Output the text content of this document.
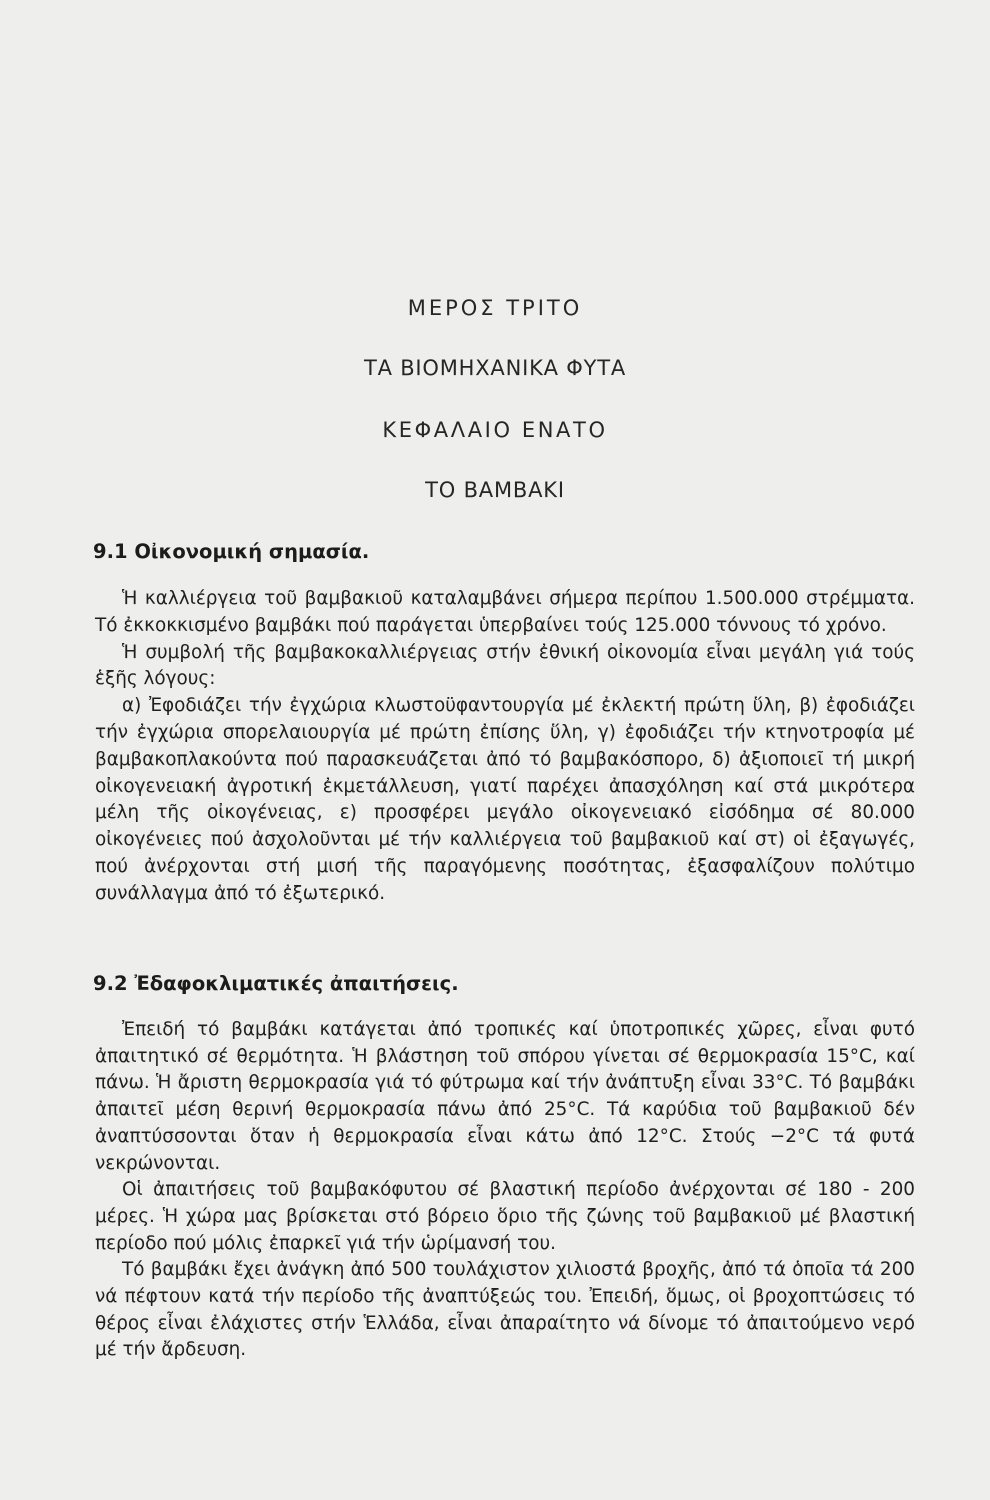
ΜΕΡΟΣ ΤΡΙΤΟ
ΤΑ ΒΙΟΜΗΧΑΝΙΚΑ ΦΥΤΑ
ΚΕΦΑΛΑΙΟ ΕΝΑΤΟ
ΤΟ ΒΑΜΒΑΚΙ
9.1 Οἰκονομική σημασία.

Ἡ καλλιέργεια τοῦ βαμβακιοῦ καταλαμβάνει σήμερα περίπου 1.500.000 στρέμματα. Τό ἐκκοκκισμένο βαμβάκι πού παράγεται ὑπερβαίνει τούς 125.000 τόννους τό χρόνο.

Ἡ συμβολή τῆς βαμβακοκαλλιέργειας στήν ἐθνική οἰκονομία εἶναι μεγάλη γιά τούς ἑξῆς λόγους:

α) Ἐφοδιάζει τήν ἐγχώρια κλωστοϋφαντουργία μέ ἐκλεκτή πρώτη ὕλη, β) ἐφοδιάζει τήν ἐγχώρια σπορελαιουργία μέ πρώτη ἐπίσης ὕλη, γ) ἐφοδιάζει τήν κτηνοτροφία μέ βαμβακοπλακούντα πού παρασκευάζεται ἀπό τό βαμβακόσπορο, δ) ἀξιοποιεῖ τή μικρή οἰκογενειακή ἀγροτική ἐκμετάλλευση, γιατί παρέχει ἀπασχόληση καί στά μικρότερα μέλη τῆς οἰκογένειας, ε) προσφέρει μεγάλο οἰκογενειακό εἰσόδημα σέ 80.000 οἰκογένειες πού ἀσχολοῦνται μέ τήν καλλιέργεια τοῦ βαμβακιοῦ καί στ) οἱ ἐξαγωγές, πού ἀνέρχονται στή μισή τῆς παραγόμενης ποσότητας, ἐξασφαλίζουν πολύτιμο συνάλλαγμα ἀπό τό ἐξωτερικό.

9.2 Ἐδαφοκλιματικές ἀπαιτήσεις.

Ἐπειδή τό βαμβάκι κατάγεται ἀπό τροπικές καί ὑποτροπικές χῶρες, εἶναι φυτό ἀπαιτητικό σέ θερμότητα. Ἡ βλάστηση τοῦ σπόρου γίνεται σέ θερμοκρασία 15°C, καί πάνω. Ἡ ἄριστη θερμοκρασία γιά τό φύτρωμα καί τήν ἀνάπτυξη εἶναι 33°C. Τό βαμβάκι ἀπαιτεῖ μέση θερινή θερμοκρασία πάνω ἀπό 25°C. Τά καρύδια τοῦ βαμβακιοῦ δέν ἀναπτύσσονται ὅταν ἡ θερμοκρασία εἶναι κάτω ἀπό 12°C. Στούς −2°C τά φυτά νεκρώνονται.

Οἱ ἀπαιτήσεις τοῦ βαμβακόφυτου σέ βλαστική περίοδο ἀνέρχονται σέ 180 - 200 μέρες. Ἡ χώρα μας βρίσκεται στό βόρειο ὅριο τῆς ζώνης τοῦ βαμβακιοῦ μέ βλαστική περίοδο πού μόλις ἐπαρκεῖ γιά τήν ὡρίμανσή του.

Τό βαμβάκι ἔχει ἀνάγκη ἀπό 500 τουλάχιστον χιλιοστά βροχῆς, ἀπό τά ὁποῖα τά 200 νά πέφτουν κατά τήν περίοδο τῆς ἀναπτύξεώς του. Ἐπειδή, ὅμως, οἱ βροχοπτώσεις τό θέρος εἶναι ἐλάχιστες στήν Ἑλλάδα, εἶναι ἀπαραίτητο νά δίνομε τό ἀπαιτούμενο νερό μέ τήν ἄρδευση.
